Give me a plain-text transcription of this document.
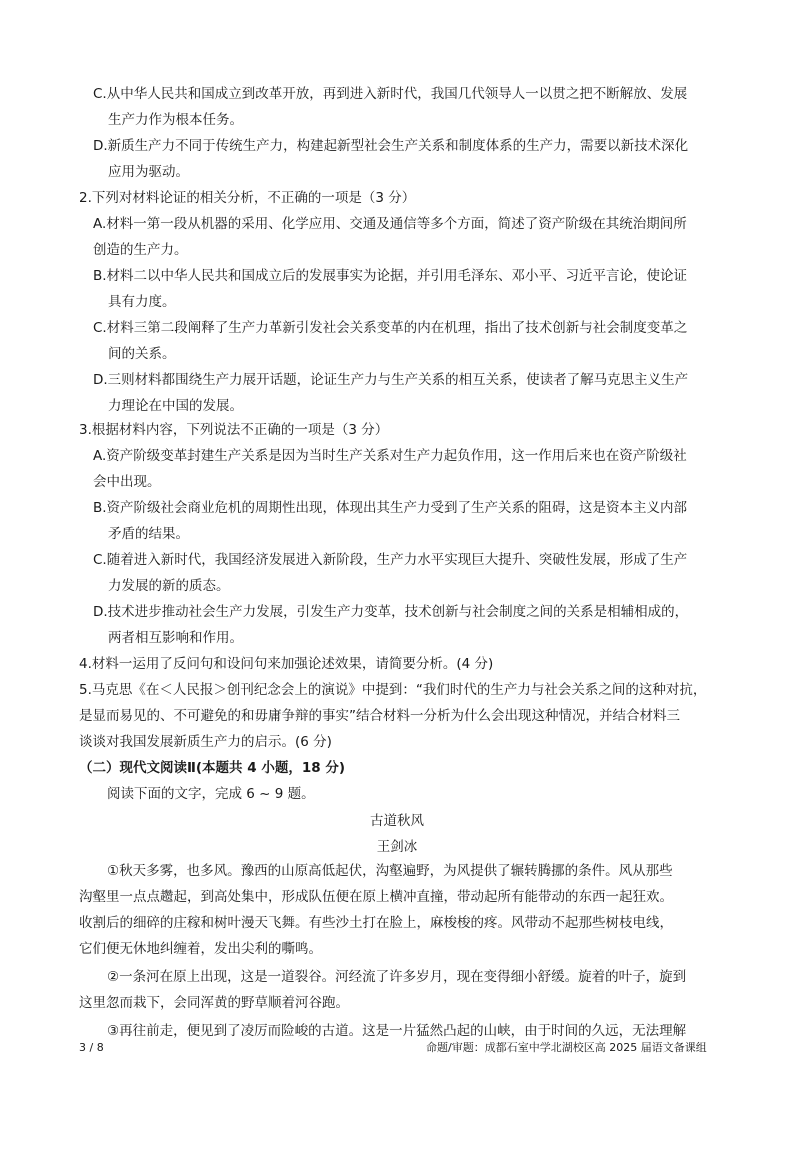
C.从中华人民共和国成立到改革开放，再到进入新时代，我国几代领导人一以贯之把不断解放、发展
生产力作为根本任务。
D.新质生产力不同于传统生产力，构建起新型社会生产关系和制度体系的生产力，需要以新技术深化
应用为驱动。
2.下列对材料论证的相关分析，不正确的一项是（3 分）
A.材料一第一段从机器的采用、化学应用、交通及通信等多个方面，简述了资产阶级在其统治期间所
创造的生产力。
B.材料二以中华人民共和国成立后的发展事实为论据，并引用毛泽东、邓小平、习近平言论，使论证
具有力度。
C.材料三第二段阐释了生产力革新引发社会关系变革的内在机理，指出了技术创新与社会制度变革之
间的关系。
D.三则材料都围绕生产力展开话题，论证生产力与生产关系的相互关系，使读者了解马克思主义生产
力理论在中国的发展。
3.根据材料内容，下列说法不正确的一项是（3 分）
A.资产阶级变革封建生产关系是因为当时生产关系对生产力起负作用，这一作用后来也在资产阶级社
会中出现。
B.资产阶级社会商业危机的周期性出现，体现出其生产力受到了生产关系的阻碍，这是资本主义内部
矛盾的结果。
C.随着进入新时代，我国经济发展进入新阶段，生产力水平实现巨大提升、突破性发展，形成了生产
力发展的新的质态。
D.技术进步推动社会生产力发展，引发生产力变革，技术创新与社会制度之间的关系是相辅相成的，
两者相互影响和作用。
4.材料一运用了反问句和设问句来加强论述效果，请简要分析。(4 分)
5.马克思《在＜人民报＞创刊纪念会上的演说》中提到：“我们时代的生产力与社会关系之间的这种对抗，
是显而易见的、不可避免的和毋庸争辩的事实”结合材料一分析为什么会出现这种情况，并结合材料三
谈谈对我国发展新质生产力的启示。(6 分)
（二）现代文阅读Ⅱ(本题共 4 小题，18 分)
阅读下面的文字，完成 6 ~ 9 题。
古道秋风
王剑冰
①秋天多雾，也多风。豫西的山原高低起伏，沟壑遍野，为风提供了辗转腾挪的条件。风从那些
沟壑里一点点趱起，到高处集中，形成队伍便在原上横冲直撞，带动起所有能带动的东西一起狂欢。
收割后的细碎的庄稼和树叶漫天飞舞。有些沙土打在脸上，麻梭梭的疼。风带动不起那些树枝电线，
它们便无休地纠缠着，发出尖利的嘶鸣。
②一条河在原上出现，这是一道裂谷。河经流了许多岁月，现在变得细小舒缓。旋着的叶子，旋到
这里忽而栽下，会同浑黄的野草顺着河谷跑。
③再往前走，便见到了凌厉而险峻的古道。这是一片猛然凸起的山峡，由于时间的久远，无法理解
3 / 8	命题/审题：成都石室中学北湖校区高 2025 届语文备课组
